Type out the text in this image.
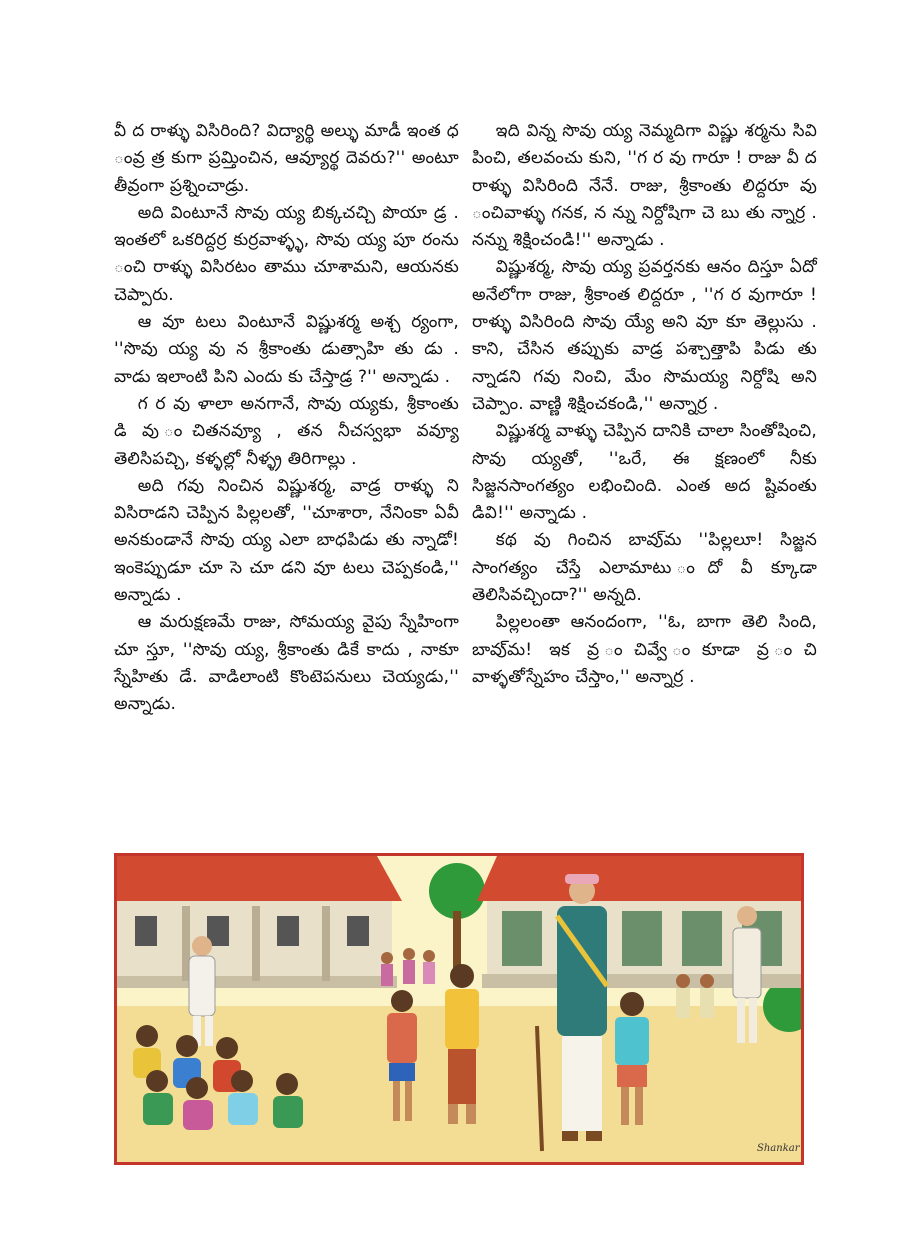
వీ ద రాళ్ళు విసిరింది? విద్యార్థి అల్ళు మాడీ ఇంత ధ ంవ్ర త్ర కుగా ప్రమ్తించిన, ఆవ్యూర్థ దెవరు?'' అంటూ తీవ్రంగా ప్రశ్నించాడ్రు.

అది వింటూనే సొవు య్య బిక్కచచ్చి పొయా డ్ర . ఇంతలో ఒకరిద్దర్ర కుర్రవాళ్ళ్ళ, సొవు య్య పూ రంను ంచి రాళ్ళు విసిరటం తాము చూశామని, ఆయనకు చెప్పారు.

ఆ వూ టలు వింటూనే విష్ణుశర్మ అశ్చ ర్యంగా, ''సొవు య్య వు న శ్రీకాంతు డుత్సాహి తు డు . వాడు ఇలాంటి పిని ఎందు కు చేస్తాడ్ర ?'' అన్నాడు .

గ ర వు ళాలా అనగానే, సొవు య్యకు, శ్రీకాంతు డి వు ంచితనవ్యూ , తన నీచస్వభా వవ్యూ తెలిసిపచ్చి, కళ్ళల్లో నీళ్ళ్ర తిరిగాల్లు .

అది గవు నించిన విష్ణుశర్మ, వాడ్ర రాళ్ళు ని విసిరాడని చెప్పిన పిల్లలతో, ''చూశారా, నేనింకా ఏవీ అనకుండానే సొవు య్య ఎలా బాధపిడు తు న్నాడో! ఇంకెప్పుడూ చూ సె చూ డని వూ టలు చెప్పకండి,'' అన్నాడు .

ఆ మరుక్షణమే రాజు, సోమయ్య వైపు స్నేహింగా చూ స్తూ, ''సొవు య్య, శ్రీకాంతు డికే కాదు , నాకూ స్నేహితు డే. వాడిలాంటి కొంటెపనులు చెయ్యడు,'' అన్నాడు.

ఇది విన్న సొవు య్య నెమ్మదిగా విష్ణు శర్మను సివి పించి, తలవంచు కుని, ''గ ర వు గారూ ! రాజు వీ ద రాళ్ళు విసిరింది నేనే. రాజు, శ్రీకాంతు లిద్దరూ వు ంచివాళ్ళు గనక, న న్ను నిర్దోషిగా చె బు తు న్నార్ర . నన్ను శిక్షించండి!'' అన్నాడు .

విష్ణుశర్మ, సొవు య్య ప్రవర్తనకు ఆనం దిస్తూ ఏదో అనేలోగా రాజు, శ్రీకాంత లిద్దరూ , ''గ ర వుగారూ ! రాళ్ళు విసిరింది సొవు య్యే అని వూ కూ తెల్లుసు . కాని, చేసిన తప్పుకు వాడ్ర పశ్చాత్తాపి పిడు తు న్నాడని గవు నించి, మేం సొమయ్య నిర్దోషి అని చెప్పాం. వాణ్ణి శిక్షించకండి,'' అన్నార్ర .

విష్ణుశర్మ వాళ్ళు చెప్పిన దానికి చాలా సింతోషించి, సొవు య్యతో, ''ఒరే, ఈ క్షణంలో నీకు సిజ్జనసాంగత్యం లభించింది. ఎంత అద ష్టివంతు డివి!'' అన్నాడు .

కథ వు గించిన బావు్మ ''పిల్లలూ! సిజ్జన సాంగత్యం చేస్తే ఎలామాటు ందో వీ క్కూడా తెలిసివచ్చిందా?'' అన్నది.

పిల్లలంతా ఆనందంగా, ''ఓ, బాగా తెలి సింది, బావు్మ! ఇక వ్ర ంచివ్వే ంకూడా వ్ర ంచి వాళ్ళతోస్నేహం చేస్తాం,'' అన్నార్ర .

Shankar
